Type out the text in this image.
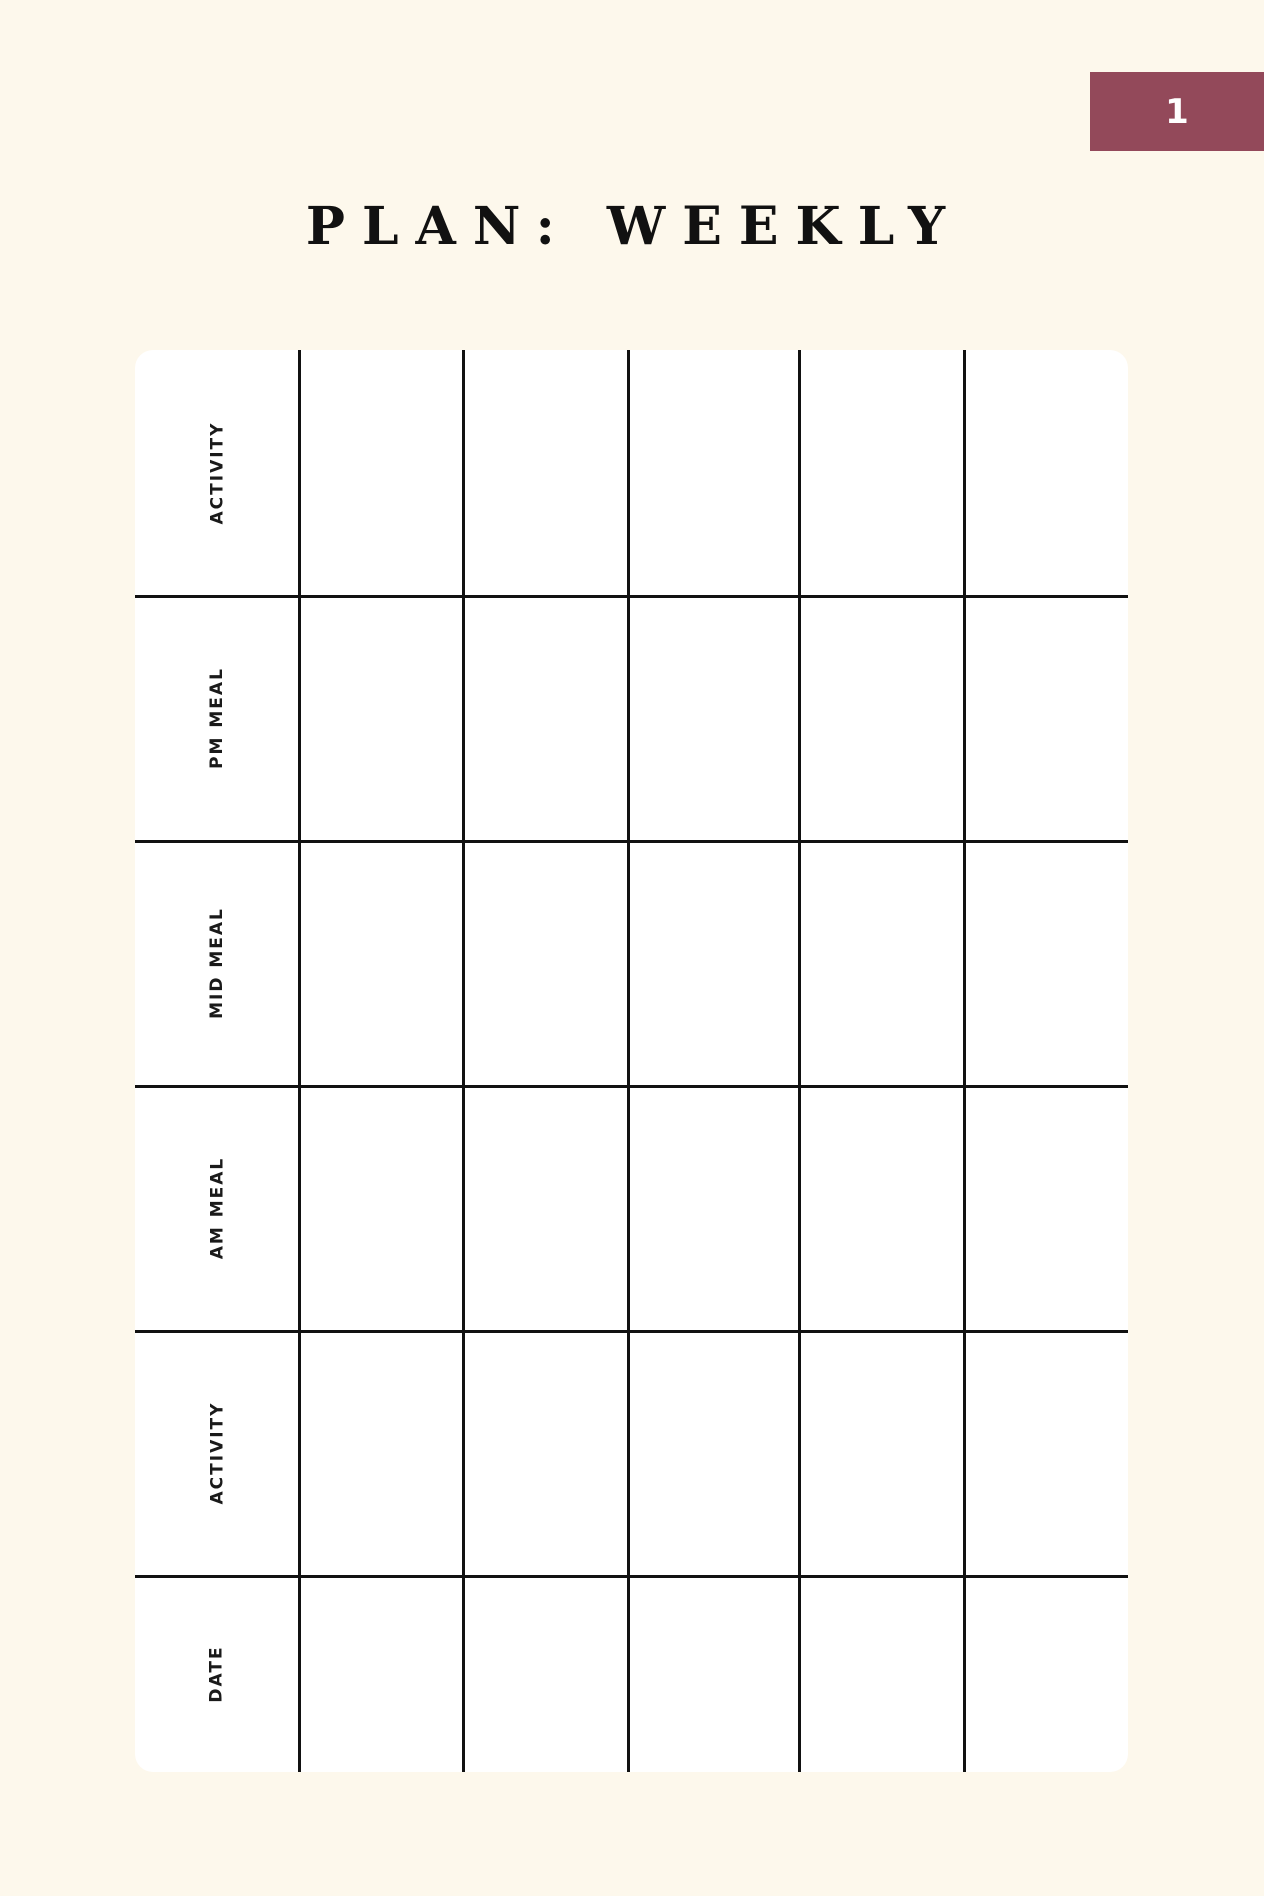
1
PLAN: WEEKLY
ACTIVITY
PM MEAL
MID MEAL
AM MEAL
ACTIVITY
DATE
